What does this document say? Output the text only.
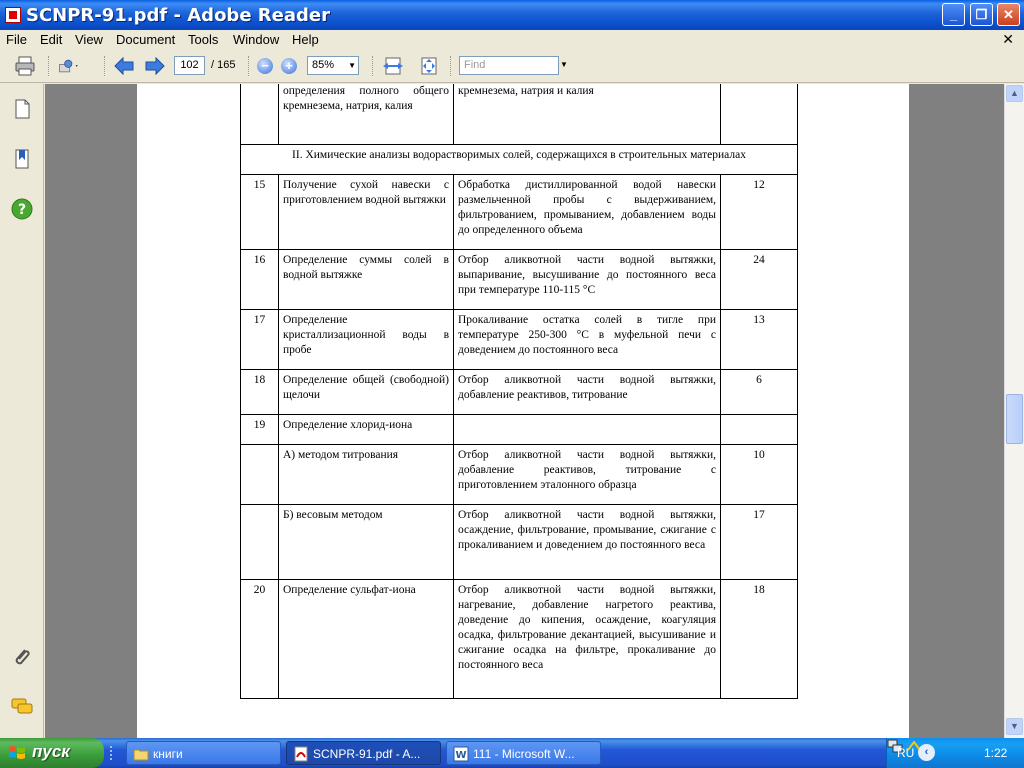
SCNPR-91.pdf - Adobe Reader	_	❐	✕
File Edit View Document Tools Window Help	✕
102	/ 165	−	+	85% ▼	Find	▼
?
	определения полного общего кремнезема, натрия, калия	кремнезема, натрия и калия	
II. Химические анализы водорастворимых солей, содержащихся в строительных материалах			
15	Получение сухой навески с приготовлением водной вытяжки	Обработка дистиллированной водой навески размельченной пробы с выдерживанием, фильтрованием, промыванием, добавлением воды до определенного объема	12
16	Определение суммы солей в водной вытяжке	Отбор аликвотной части водной вытяжки, выпаривание, высушивание до постоянного веса при температуре 110-115 °С	24
17	Определение кристаллизационной воды в пробе	Прокаливание остатка солей в тигле при температуре 250-300 °С в муфельной печи с доведением до постоянного веса	13
18	Определение общей (свободной) щелочи	Отбор аликвотной части водной вытяжки, добавление реактивов, титрование	6
19	Определение хлорид-иона		
	А) методом титрования	Отбор аликвотной части водной вытяжки, добавление реактивов, титрование с приготовлением эталонного образца	10
	Б) весовым методом	Отбор аликвотной части водной вытяжки, осаждение, фильтрование, промывание, сжигание с прокаливанием и доведением до постоянного веса	17
20	Определение сульфат-иона	Отбор аликвотной части водной вытяжки, нагревание, добавление нагретого реактива, доведение до кипения, осаждение, коагуляция осадка, фильтрование декантацией, высушивание и сжигание осадка на фильтре, прокаливание до постоянного веса	18
▲
▼
пуск	книги	SCNPR-91.pdf - A...	W 111 - Microsoft W...	RU ‹
	1:22
